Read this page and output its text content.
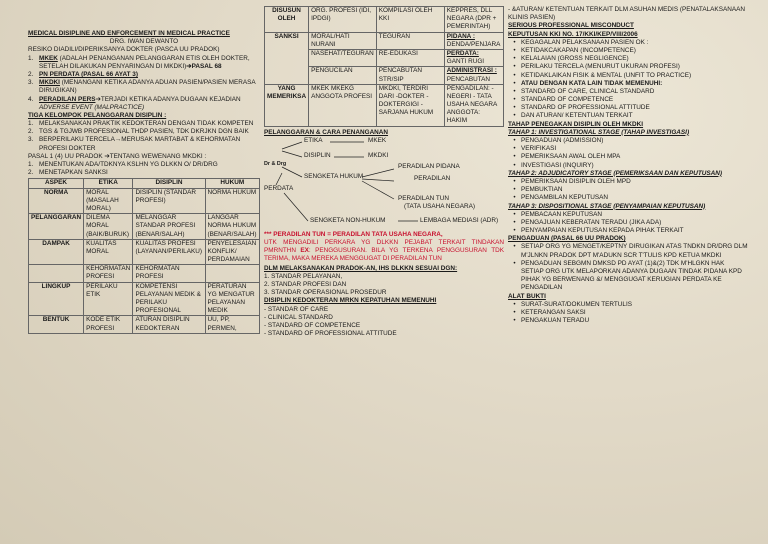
MEDICAL DISIPLINE AND ENFORCEMENT IN MEDICAL PRACTICE
DRG. IWAN DEWANTO
RESIKO DIADILI/DIPERIKSANYA DOKTER (PASCA UU PRADOK)
1. MKEK (ADALAH PENANGANAN PELANGGARAN ETIS OLEH DOKTER, SETELAH DILAKUKAN PENYARINGAN DI MKDKI)➔PASAL 68
2. PN PERDATA (PASAL 66 AYAT 3)
3. MKDKI (MENANGANI KETIKA ADANYA ADUAN PASIEN/PASIEN MERASA DIRUGIKAN)
4. PERADILAN PERS➔TERJADI KETIKA ADANYA DUGAAN KEJADIAN ADVERSE EVENT (MALPRACTICE)
TIGA KELOMPOK PELANGGARAN DISIPLIN :
1. MELAKSANAKAN PRAKTIK KEDOKTERAN DENGAN TIDAK KOMPETEN
2. TGS & TGJWB PROFESIONAL THDP PASIEN, TDK DKRJKN DGN BAIK
3. BERPERILAKU TERCELA→MERUSAK MARTABAT & KEHORMATAN PROFESI DOKTER
PASAL 1 (4) UU PRADOK ➔TENTANG WEWENANG MKDKI :
1. MENENTUKAN ADA/TDKNYA KSLHN YG DLKKN O/ DR/DRG
2. MENETAPKAN SANKSI
ASPEK	ETIKA	DISIPLIN	HUKUM
NORMA	MORAL (MASALAH MORAL)	DISIPLIN (STANDAR PROFESI)	NORMA HUKUM
PELANGGARAN	DILEMA MORAL (BAIK/BURUK)	MELANGGAR STANDAR PROFESI (BENAR/SALAH)	LANGGAR NORMA HUKUM (BENAR/SALAH)
DAMPAK	KUALITAS MORAL	KUALITAS PROFESI (LAYANAN/PERILAKU)	PENYELESAIAN KONFLIK/ PERDAMAIAN
	KEHORMATAN PROFESI	KEHORMATAN PROFESI	
LINGKUP	PERILAKU ETIK	KOMPETENSI PELAYANAN MEDIK & PERILAKU PROFESIONAL	PERATURAN YG MENGATUR PELAYANAN MEDIK
BENTUK	KODE ETIK PROFESI	ATURAN DISIPLIN KEDOKTERAN	UU, PP, PERMEN,
DISUSUN OLEH	ORG. PROFESI (IDI, IPDGI)	KOMPILASI OLEH KKI	KEPPRES, DLL NEGARA (DPR + PEMERINTAH)
SANKSI	MORAL/HATI NURANI	TEGURAN	PIDANA :
DENDA/PENJARA

	NASEHAT/TEGURAN	RE-EDUKASI	PERDATA:
GANTI RUGI

	PENGUCILAN	PENCABUTAN STR/SIP	ADMINISTRASI :
PENCABUTAN

YANG MEMERIKSA	MKEK MKEKG ANGGOTA PROFESI	MKDKI, TERDIRI DARI -DOKTER -DOKTERGIGI -SARJANA HUKUM	PENGADILAN: - NEGERI - TATA USAHA NEGARA ANGGOTA: HAKIM
PELANGGARAN & CARA PENANGANAN
ETIKA	MKEK
DISIPLIN	MKDKI
Dr & Drg
SENGKETA HUKUM
PERADILAN PIDANA
PERADILAN
PERDATA
PERADILAN TUN
(TATA USAHA NEGARA)
SENGKETA NON-HUKUM	LEMBAGA MEDIASI (ADR)
*** PERADILAN TUN = PERADILAN TATA USAHA NEGARA,
UTK MENGADILI PERKARA YG DLKKN PEJABAT TERKAIT TINDAKAN PMRNTHN EX: PENGGUSURAN. BILA YG TERKENA PENGGUSURAN TDK TERIMA, MAKA MEREKA MENGGUGAT DI PERADILAN TUN
DLM MELAKSANAKAN PRADOK-AN, IHS DLKKN SESUAI DGN:
1. STANDAR PELAYANAN,
2. STANDAR PROFESI DAN
3. STANDAR OPERASIONAL PROSEDUR
DISIPLIN KEDOKTERAN MRKN KEPATUHAN MEMENUHI
- STANDAR OF CARE
- CLINICAL STANDARD
- STANDARD OF COMPETENCE
- STANDARD OF PROFESSIONAL ATTITUDE
- &ATURAN/ KETENTUAN TERKAIT DLM ASUHAN MEDIS (PENATALAKSANAAN KLINIS PASIEN)
SERIOUS PROFESSIONAL MISCONDUCT
KEPUTUSAN KKI NO. 17/KKI/KEP/VIII/2006
• KEGAGALAN PELAKSANAAN PASIEN OK :
• KETIDAKCAKAPAN (INCOMPETENCE)
• KELALAIAN (GROSS NEGLIGENCE)
• PERILAKU TERCELA (MENURUT UKURAN PROFESI)
• KETIDAKLAIKAN FISIK & MENTAL (UNFIT TO PRACTICE)
• ATAU DENGAN KATA LAIN TIDAK MEMENUHI:
• STANDARD OF CARE, CLINICAL STANDARD
• STANDARD OF COMPETENCE
• STANDARD OF PROFESSIONAL ATTITUDE
• DAN ATURAN/ KETENTUAN TERKAIT
TAHAP PENEGAKAN DISIPLIN OLEH MKDKI
TAHAP 1: INVESTIGATIONAL STAGE (TAHAP INVESTIGASI)
• PENGADUAN (ADMISSION)
• VERIFIKASI
• PEMERIKSAAN AWAL OLEH MPA
• INVESTIGASI (INQUIRY)
TAHAP 2: ADJUDICATORY STAGE (PEMERIKSAAN DAN KEPUTUSAN)
• PEMERIKSAAN DISIPLIN OLEH MPD
• PEMBUKTIAN
• PENGAMBILAN KEPUTUSAN
TAHAP 3: DISPOSITIONAL STAGE (PENYAMPAIAN KEPUTUSAN)
• PEMBACAAN KEPUTUSAN
• PENGAJUAN KEBERATAN TERADU (JIKA ADA)
• PENYAMPAIAN KEPUTUSAN KEPADA PIHAK TERKAIT
PENGADUAN (PASAL 66 UU PRADOK)
• SETIAP ORG YG MENGET/KEPTNY DIRUGIKAN ATAS TNDKN DR/DRG DLM M'JLNKN PRADOK DPT M'ADUKN SCR T'TULIS KPD KETUA MKDKI
• PENGADUAN SEBGMN DMKSD PD AYAT (1)&(2) TDK M'HLGKN HAK SETIAP ORG UTK MELAPORKAN ADANYA DUGAAN TINDAK PIDANA KPD PIHAK YG BERWENANG &/ MENGGUGAT KERUGIAN PERDATA KE PENGADILAN
ALAT BUKTI
• SURAT-SURAT/DOKUMEN TERTULIS
• KETERANGAN SAKSI
• PENGAKUAN TERADU
